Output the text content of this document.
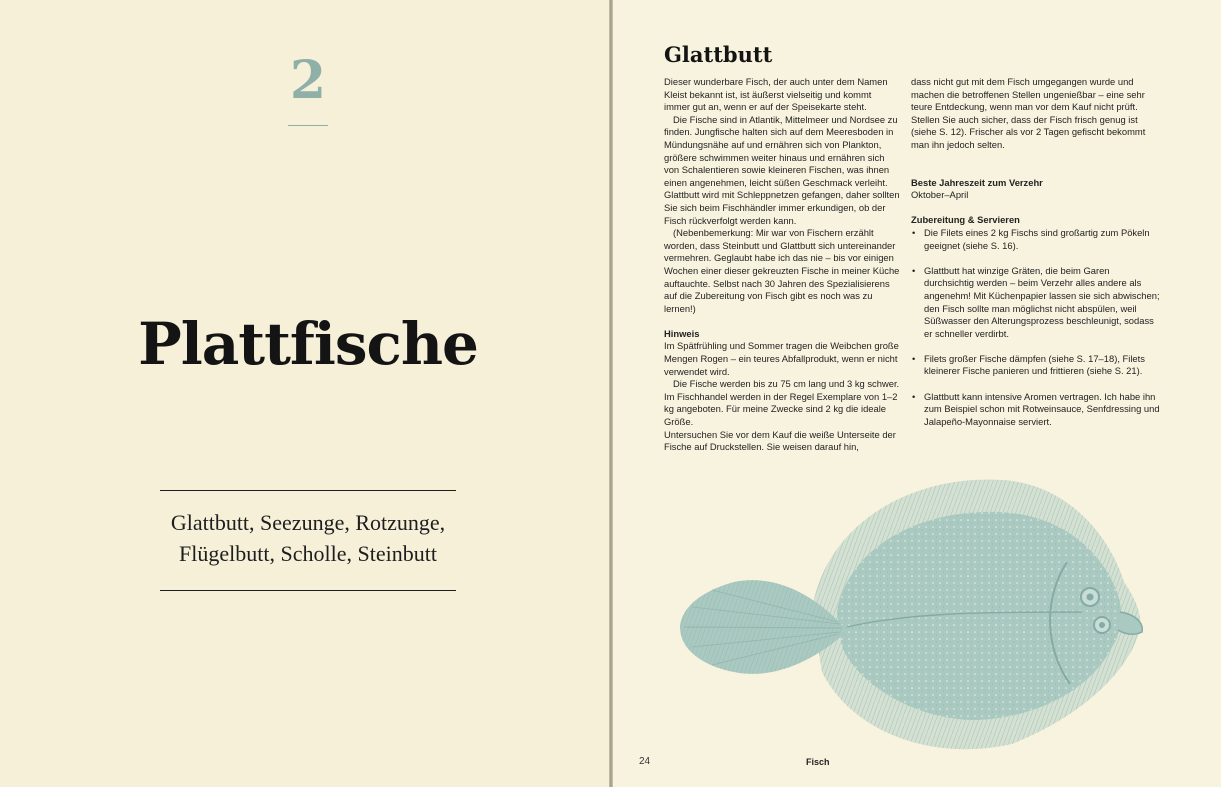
2
Plattfische
Glattbutt, Seezunge, Rotzunge,
Flügelbutt, Scholle, Steinbutt
Glattbutt

Dieser wunderbare Fisch, der auch unter dem Namen Kleist bekannt ist, ist äußerst vielseitig und kommt immer gut an, wenn er auf der Speisekarte steht.

Die Fische sind in Atlantik, Mittelmeer und Nordsee zu finden. Jungfische halten sich auf dem Meeresboden in Mündungsnähe auf und ernähren sich von Plankton, größere schwimmen weiter hinaus und ernähren sich von Schalentieren sowie kleineren Fischen, was ihnen einen angenehmen, leicht süßen Geschmack verleiht. Glattbutt wird mit Schleppnetzen gefangen, daher sollten Sie sich beim Fischhändler immer erkundigen, ob der Fisch rückverfolgt werden kann.

(Nebenbemerkung: Mir war von Fischern erzählt worden, dass Steinbutt und Glattbutt sich untereinander vermehren. Geglaubt habe ich das nie – bis vor einigen Wochen einer dieser gekreuzten Fische in meiner Küche auftauchte. Selbst nach 30 Jahren des Spezialisierens auf die Zubereitung von Fisch gibt es noch was zu lernen!)

Hinweis

Im Spätfrühling und Sommer tragen die Weibchen große Mengen Rogen – ein teures Abfallprodukt, wenn er nicht verwendet wird.

Die Fische werden bis zu 75 cm lang und 3 kg schwer. Im Fischhandel werden in der Regel Exemplare von 1–2 kg angeboten. Für meine Zwecke sind 2 kg die ideale Größe.

Untersuchen Sie vor dem Kauf die weiße Unterseite der Fische auf Druckstellen. Sie weisen darauf hin,

dass nicht gut mit dem Fisch umgegangen wurde und machen die betroffenen Stellen ungenießbar – eine sehr teure Entdeckung, wenn man vor dem Kauf nicht prüft. Stellen Sie auch sicher, dass der Fisch frisch genug ist (siehe S. 12). Frischer als vor 2 Tagen gefischt bekommt man ihn jedoch selten.

Beste Jahreszeit zum Verzehr

Oktober–April

Zubereitung & Servieren

• Die Filets eines 2 kg Fischs sind großartig zum Pökeln geeignet (siehe S. 16).
• Glattbutt hat winzige Gräten, die beim Garen durchsichtig werden – beim Verzehr alles andere als angenehm! Mit Küchenpapier lassen sie sich abwischen; den Fisch sollte man möglichst nicht abspülen, weil Süßwasser den Alterungsprozess beschleunigt, sodass er schneller verdirbt.
• Filets großer Fische dämpfen (siehe S. 17–18), Filets kleinerer Fische panieren und frittieren (siehe S. 21).
• Glattbutt kann intensive Aromen vertragen. Ich habe ihn zum Beispiel schon mit Rotweinsauce, Senfdressing und Jalapeño-Mayonnaise serviert.
24	Fisch
